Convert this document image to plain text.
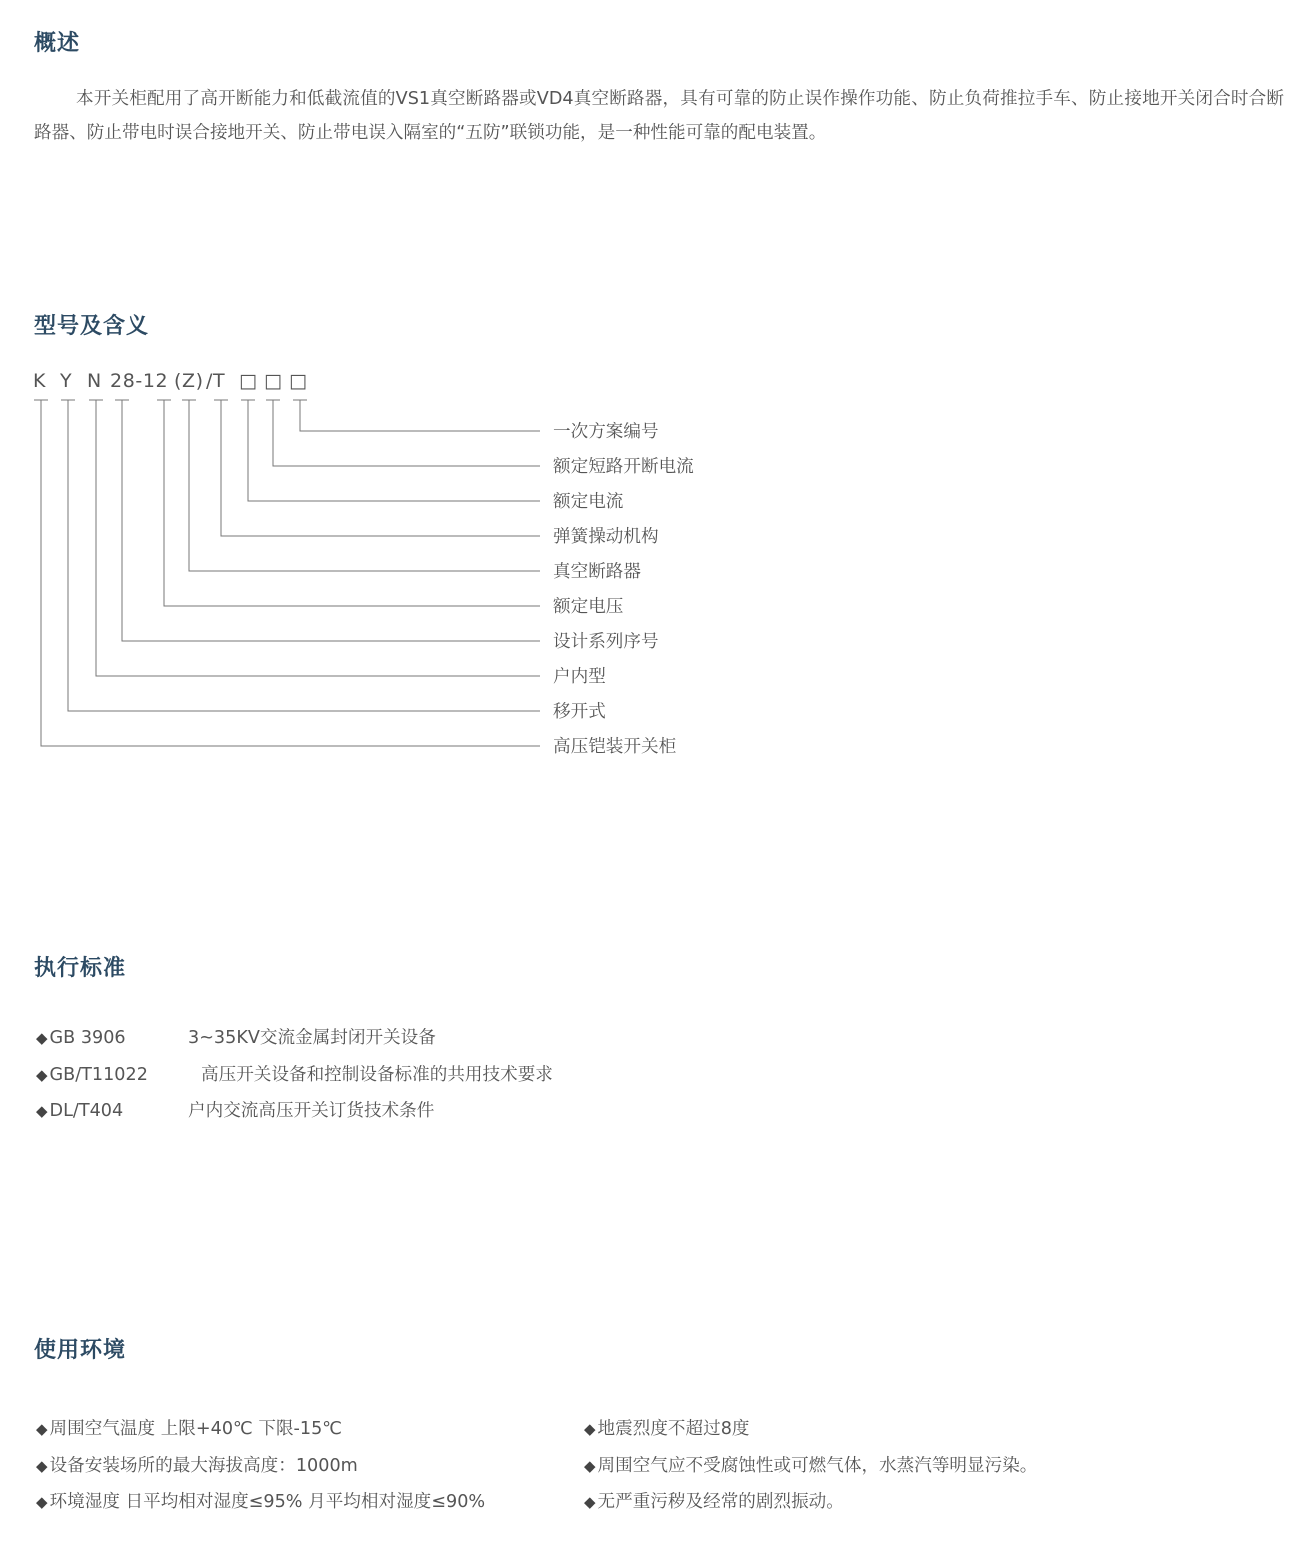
概述
本开关柜配用了高开断能力和低截流值的VS1真空断路器或VD4真空断路器，具有可靠的防止误作操作功能、防止负荷推拉手车、防止接地开关闭合时合断路器、防止带电时误合接地开关、防止带电误入隔室的“五防”联锁功能，是一种性能可靠的配电装置。
型号及含义
K Y N 28-12 (Z) /T □ □ □
一次方案编号
额定短路开断电流
额定电流
弹簧操动机构
真空断路器
额定电压
设计系列序号
户内型
移开式
高压铠装开关柜
执行标准
◆ GB 3906	3~35KV交流金属封闭开关设备
◆ GB/T11022	高压开关设备和控制设备标准的共用技术要求
◆ DL/T404	户内交流高压开关订货技术条件
使用环境
◆ 周围空气温度 上限+40℃ 下限-15℃
◆ 设备安装场所的最大海拔高度：1000m
◆ 环境湿度 日平均相对湿度≤95% 月平均相对湿度≤90%
◆ 地震烈度不超过8度
◆ 周围空气应不受腐蚀性或可燃气体，水蒸汽等明显污染。
◆ 无严重污秽及经常的剧烈振动。
